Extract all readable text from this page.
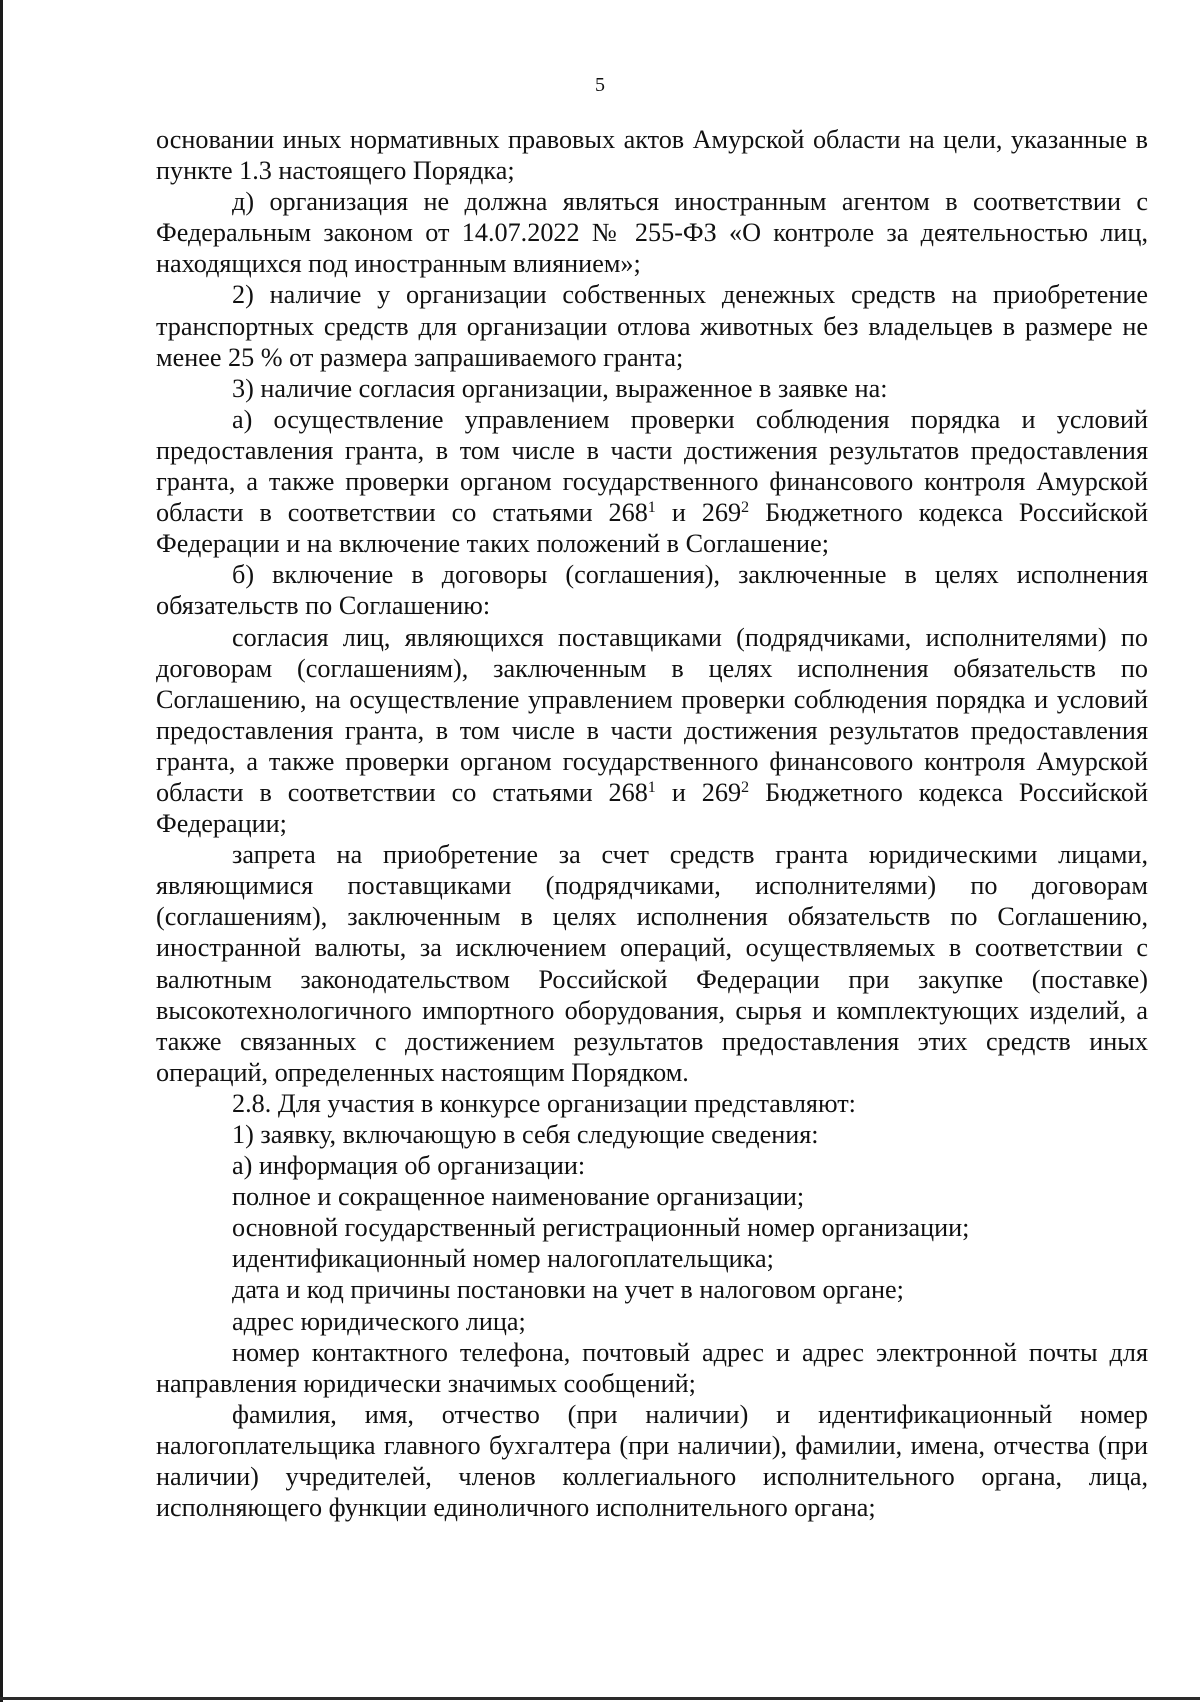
5

основании иных нормативных правовых актов Амурской области на цели, указанные в пункте 1.3 настоящего Порядка;

д) организация не должна являться иностранным агентом в соответствии с Федеральным законом от 14.07.2022 № 255-ФЗ «О контроле за деятельностью лиц, находящихся под иностранным влиянием»;

2) наличие у организации собственных денежных средств на приобретение транспортных средств для организации отлова животных без владельцев в размере не менее 25 % от размера запрашиваемого гранта;

3) наличие согласия организации, выраженное в заявке на:

а) осуществление управлением проверки соблюдения порядка и условий предоставления гранта, в том числе в части достижения результатов предоставления гранта, а также проверки органом государственного финансового контроля Амурской области в соответствии со статьями $268^1$ и $269^2$ Бюджетного кодекса Российской Федерации и на включение таких положений в Соглашение;

б) включение в договоры (соглашения), заключенные в целях исполнения обязательств по Соглашению:

согласия лиц, являющихся поставщиками (подрядчиками, исполнителями) по договорам (соглашениям), заключенным в целях исполнения обязательств по Соглашению, на осуществление управлением проверки соблюдения порядка и условий предоставления гранта, в том числе в части достижения результатов предоставления гранта, а также проверки органом государственного финансового контроля Амурской области в соответствии со статьями $268^1$ и $269^2$ Бюджетного кодекса Российской Федерации;

запрета на приобретение за счет средств гранта юридическими лицами, являющимися поставщиками (подрядчиками, исполнителями) по договорам (соглашениям), заключенным в целях исполнения обязательств по Соглашению, иностранной валюты, за исключением операций, осуществляемых в соответствии с валютным законодательством Российской Федерации при закупке (поставке) высокотехнологичного импортного оборудования, сырья и комплектующих изделий, а также связанных с достижением результатов предоставления этих средств иных операций, определенных настоящим Порядком.

2.8. Для участия в конкурсе организации представляют:

1) заявку, включающую в себя следующие сведения:

а) информация об организации:

полное и сокращенное наименование организации;

основной государственный регистрационный номер организации;

идентификационный номер налогоплательщика;

дата и код причины постановки на учет в налоговом органе;

адрес юридического лица;

номер контактного телефона, почтовый адрес и адрес электронной почты для направления юридически значимых сообщений;

фамилия, имя, отчество (при наличии) и идентификационный номер налогоплательщика главного бухгалтера (при наличии), фамилии, имена, отчества (при наличии) учредителей, членов коллегиального исполнительного органа, лица, исполняющего функции единоличного исполнительного органа;
